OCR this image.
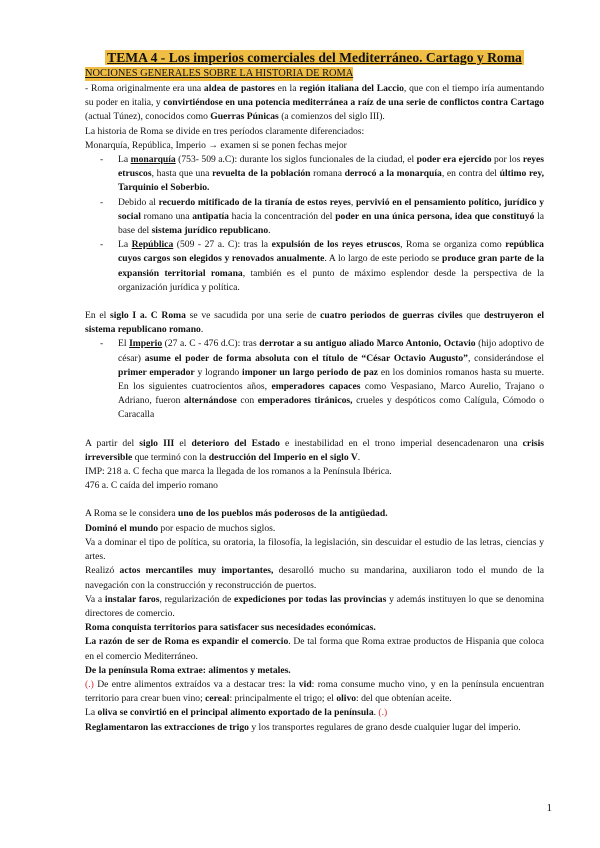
TEMA 4 - Los imperios comerciales del Mediterráneo. Cartago y Roma
NOCIONES GENERALES SOBRE LA HISTORIA DE ROMA

- Roma originalmente era una aldea de pastores en la región italiana del Laccio, que con el tiempo iría aumentando su poder en italia, y convirtiéndose en una potencia mediterránea a raíz de una serie de conflictos contra Cartago (actual Túnez), conocidos como Guerras Púnicas (a comienzos del siglo III).

La historia de Roma se divide en tres períodos claramente diferenciados:

Monarquía, República, Imperio → examen si se ponen fechas mejor

- La monarquía (753- 509 a.C): durante los siglos funcionales de la ciudad, el poder era ejercido por los reyes etruscos, hasta que una revuelta de la población romana derrocó a la monarquía, en contra del último rey, Tarquinio el Soberbio.
- Debido al recuerdo mitificado de la tiranía de estos reyes, pervivió en el pensamiento político, jurídico y social romano una antipatía hacia la concentración del poder en una única persona, idea que constituyó la base del sistema jurídico republicano.
- La República (509 - 27 a. C): tras la expulsión de los reyes etruscos, Roma se organiza como república cuyos cargos son elegidos y renovados anualmente. A lo largo de este periodo se produce gran parte de la expansión territorial romana, también es el punto de máximo esplendor desde la perspectiva de la organización jurídica y política.

En el siglo I a. C Roma se ve sacudida por una serie de cuatro periodos de guerras civiles que destruyeron el sistema republicano romano.

- El Imperio (27 a. C - 476 d.C): tras derrotar a su antiguo aliado Marco Antonio, Octavio (hijo adoptivo de césar) asume el poder de forma absoluta con el título de “César Octavio Augusto”, considerándose el primer emperador y logrando imponer un largo periodo de paz en los dominios romanos hasta su muerte. En los siguientes cuatrocientos años, emperadores capaces como Vespasiano, Marco Aurelio, Trajano o Adriano, fueron alternándose con emperadores tiránicos, crueles y despóticos como Calígula, Cómodo o Caracalla

A partir del siglo III el deterioro del Estado e inestabilidad en el trono imperial desencadenaron una crisis irreversible que terminó con la destrucción del Imperio en el siglo V.

IMP: 218 a. C fecha que marca la llegada de los romanos a la Península Ibérica.

476 a. C caída del imperio romano

A Roma se le considera uno de los pueblos más poderosos de la antigüedad.

Dominó el mundo por espacio de muchos siglos.

Va a dominar el tipo de política, su oratoria, la filosofía, la legislación, sin descuidar el estudio de las letras, ciencias y artes.

Realizó actos mercantiles muy importantes, desarolló mucho su mandarina, auxiliaron todo el mundo de la navegación con la construcción y reconstrucción de puertos.

Va a instalar faros, regularización de expediciones por todas las provincias y además instituyen lo que se denomina directores de comercio.

Roma conquista territorios para satisfacer sus necesidades económicas.

La razón de ser de Roma es expandir el comercio. De tal forma que Roma extrae productos de Hispania que coloca en el comercio Mediterráneo.

De la península Roma extrae: alimentos y metales.

(.) De entre alimentos extraídos va a destacar tres: la vid: roma consume mucho vino, y en la península encuentran territorio para crear buen vino; cereal: principalmente el trigo; el olivo: del que obtenían aceite.

La oliva se convirtió en el principal alimento exportado de la península. (.)

Reglamentaron las extracciones de trigo y los transportes regulares de grano desde cualquier lugar del imperio.

1
